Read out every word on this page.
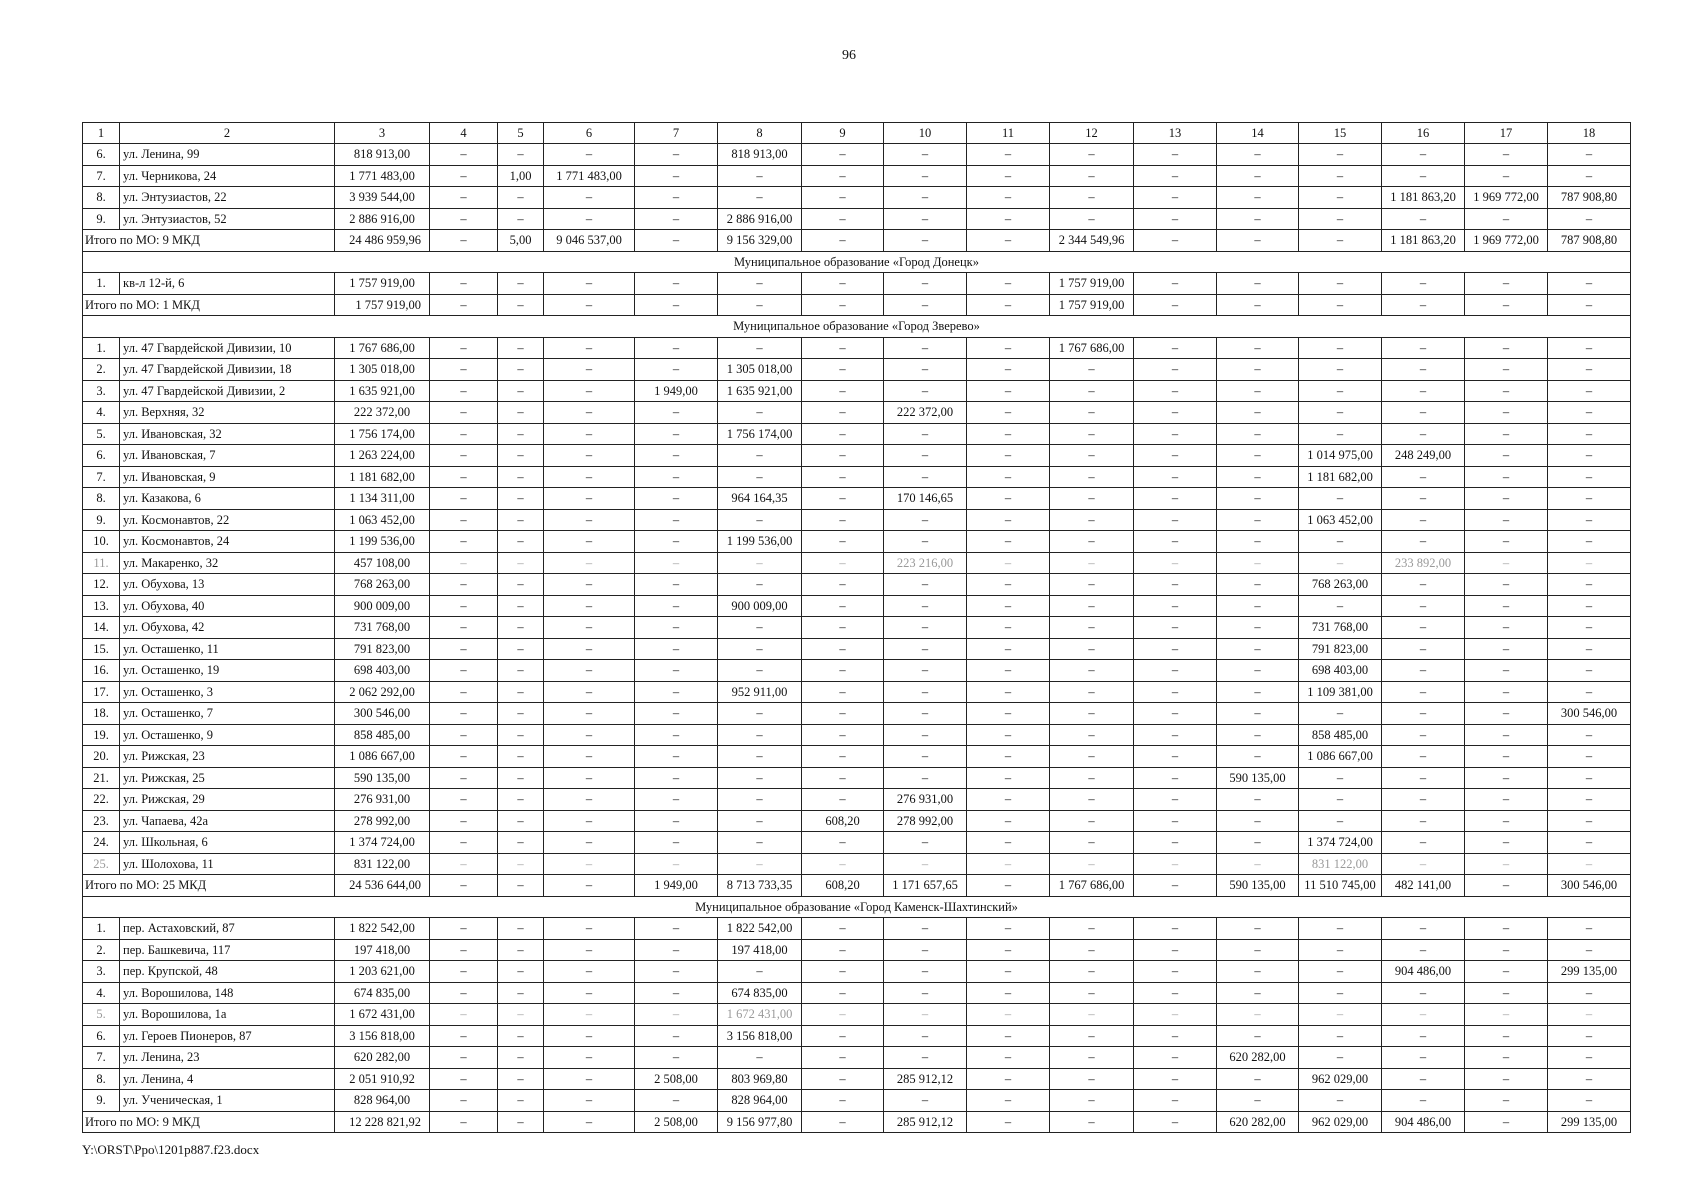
96
1	2	3	4	5	6	7	8	9	10	11	12	13	14	15	16	17	18
6.	ул. Ленина, 99	818 913,00	–	–	–	–	818 913,00	–	–	–	–	–	–	–	–	–	–
7.	ул. Черникова, 24	1 771 483,00	–	1,00	1 771 483,00	–	–	–	–	–	–	–	–	–	–	–	–
8.	ул. Энтузиастов, 22	3 939 544,00	–	–	–	–	–	–	–	–	–	–	–	–	1 181 863,20	1 969 772,00	787 908,80
9.	ул. Энтузиастов, 52	2 886 916,00	–	–	–	–	2 886 916,00	–	–	–	–	–	–	–	–	–	–
Итого по МО: 9 МКД		24 486 959,96	–	5,00	9 046 537,00	–	9 156 329,00	–	–	–	2 344 549,96	–	–	–	1 181 863,20	1 969 772,00	787 908,80
Муниципальное образование «Город Донецк»																	
1.	кв-л 12-й, 6	1 757 919,00	–	–	–	–	–	–	–	–	1 757 919,00	–	–	–	–	–	–
Итого по МО: 1 МКД		1 757 919,00	–	–	–	–	–	–	–	–	1 757 919,00	–	–	–	–	–	–
Муниципальное образование «Город Зверево»																	
1.	ул. 47 Гвардейской Дивизии, 10	1 767 686,00	–	–	–	–	–	–	–	–	1 767 686,00	–	–	–	–	–	–
2.	ул. 47 Гвардейской Дивизии, 18	1 305 018,00	–	–	–	–	1 305 018,00	–	–	–	–	–	–	–	–	–	–
3.	ул. 47 Гвардейской Дивизии, 2	1 635 921,00	–	–	–	1 949,00	1 635 921,00	–	–	–	–	–	–	–	–	–	–
4.	ул. Верхняя, 32	222 372,00	–	–	–	–	–	–	222 372,00	–	–	–	–	–	–	–	–
5.	ул. Ивановская, 32	1 756 174,00	–	–	–	–	1 756 174,00	–	–	–	–	–	–	–	–	–	–
6.	ул. Ивановская, 7	1 263 224,00	–	–	–	–	–	–	–	–	–	–	–	1 014 975,00	248 249,00	–	–
7.	ул. Ивановская, 9	1 181 682,00	–	–	–	–	–	–	–	–	–	–	–	1 181 682,00	–	–	–
8.	ул. Казакова, 6	1 134 311,00	–	–	–	–	964 164,35	–	170 146,65	–	–	–	–	–	–	–	–
9.	ул. Космонавтов, 22	1 063 452,00	–	–	–	–	–	–	–	–	–	–	–	1 063 452,00	–	–	–
10.	ул. Космонавтов, 24	1 199 536,00	–	–	–	–	1 199 536,00	–	–	–	–	–	–	–	–	–	–
11.	ул. Макаренко, 32	457 108,00	–	–	–	–	–	–	223 216,00	–	–	–	–	–	233 892,00	–	–
12.	ул. Обухова, 13	768 263,00	–	–	–	–	–	–	–	–	–	–	–	768 263,00	–	–	–
13.	ул. Обухова, 40	900 009,00	–	–	–	–	900 009,00	–	–	–	–	–	–	–	–	–	–
14.	ул. Обухова, 42	731 768,00	–	–	–	–	–	–	–	–	–	–	–	731 768,00	–	–	–
15.	ул. Осташенко, 11	791 823,00	–	–	–	–	–	–	–	–	–	–	–	791 823,00	–	–	–
16.	ул. Осташенко, 19	698 403,00	–	–	–	–	–	–	–	–	–	–	–	698 403,00	–	–	–
17.	ул. Осташенко, 3	2 062 292,00	–	–	–	–	952 911,00	–	–	–	–	–	–	1 109 381,00	–	–	–
18.	ул. Осташенко, 7	300 546,00	–	–	–	–	–	–	–	–	–	–	–	–	–	–	300 546,00
19.	ул. Осташенко, 9	858 485,00	–	–	–	–	–	–	–	–	–	–	–	858 485,00	–	–	–
20.	ул. Рижская, 23	1 086 667,00	–	–	–	–	–	–	–	–	–	–	–	1 086 667,00	–	–	–
21.	ул. Рижская, 25	590 135,00	–	–	–	–	–	–	–	–	–	–	590 135,00	–	–	–	–
22.	ул. Рижская, 29	276 931,00	–	–	–	–	–	–	276 931,00	–	–	–	–	–	–	–	–
23.	ул. Чапаева, 42а	278 992,00	–	–	–	–	–	608,20	278 992,00	–	–	–	–	–	–	–	–
24.	ул. Школьная, 6	1 374 724,00	–	–	–	–	–	–	–	–	–	–	–	1 374 724,00	–	–	–
25.	ул. Шолохова, 11	831 122,00	–	–	–	–	–	–	–	–	–	–	–	831 122,00	–	–	–
Итого по МО: 25 МКД		24 536 644,00	–	–	–	1 949,00	8 713 733,35	608,20	1 171 657,65	–	1 767 686,00	–	590 135,00	11 510 745,00	482 141,00	–	300 546,00
Муниципальное образование «Город Каменск-Шахтинский»																	
1.	пер. Астаховский, 87	1 822 542,00	–	–	–	–	1 822 542,00	–	–	–	–	–	–	–	–	–	–
2.	пер. Башкевича, 117	197 418,00	–	–	–	–	197 418,00	–	–	–	–	–	–	–	–	–	–
3.	пер. Крупской, 48	1 203 621,00	–	–	–	–	–	–	–	–	–	–	–	–	904 486,00	–	299 135,00
4.	ул. Ворошилова, 148	674 835,00	–	–	–	–	674 835,00	–	–	–	–	–	–	–	–	–	–
5.	ул. Ворошилова, 1а	1 672 431,00	–	–	–	–	1 672 431,00	–	–	–	–	–	–	–	–	–	–
6.	ул. Героев Пионеров, 87	3 156 818,00	–	–	–	–	3 156 818,00	–	–	–	–	–	–	–	–	–	–
7.	ул. Ленина, 23	620 282,00	–	–	–	–	–	–	–	–	–	–	620 282,00	–	–	–	–
8.	ул. Ленина, 4	2 051 910,92	–	–	–	2 508,00	803 969,80	–	285 912,12	–	–	–	–	962 029,00	–	–	–
9.	ул. Ученическая, 1	828 964,00	–	–	–	–	828 964,00	–	–	–	–	–	–	–	–	–	–
Итого по МО: 9 МКД		12 228 821,92	–	–	–	2 508,00	9 156 977,80	–	285 912,12	–	–	–	620 282,00	962 029,00	904 486,00	–	299 135,00
Y:\ORST\Ppo\1201p887.f23.docx
